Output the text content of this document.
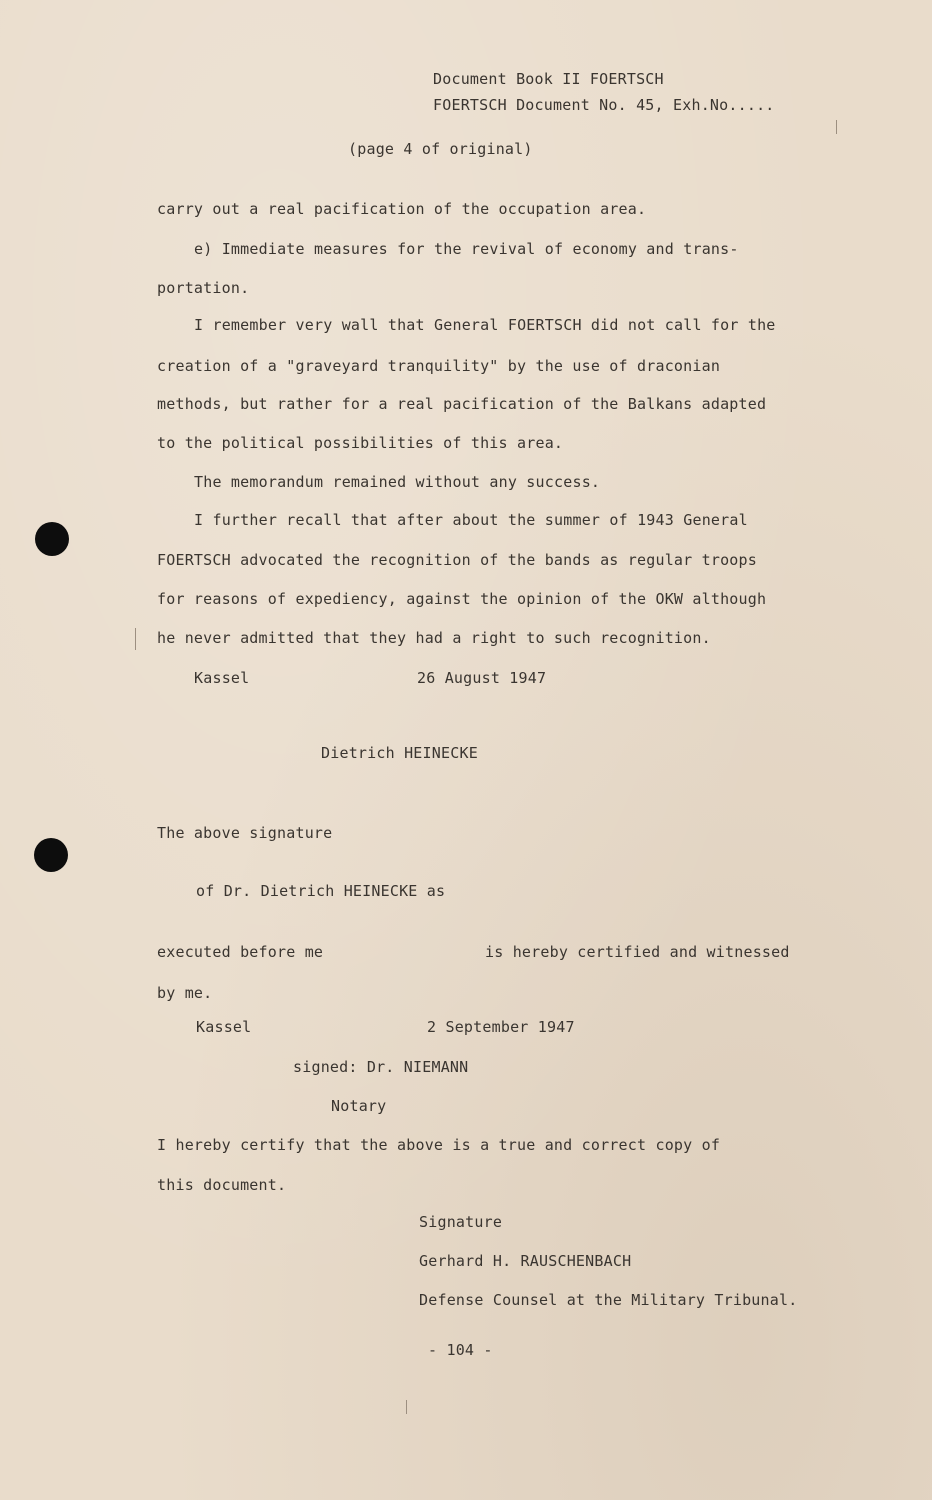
Document Book II FOERTSCH
FOERTSCH Document No. 45, Exh.No.....
(page 4 of original)
carry out a real pacification of the occupation area.
e) Immediate measures for the revival of economy and trans-
portation.
I remember very wall that General FOERTSCH did not call for the
creation of a "graveyard tranquility" by the use of draconian
methods, but rather for a real pacification of the Balkans adapted
to the political possibilities of this area.
The memorandum remained without any success.
I further recall that after about the summer of 1943 General
FOERTSCH advocated the recognition of the bands as regular troops
for reasons of expediency, against the opinion of the OKW although
he never admitted that they had a right to such recognition.
Kassel	26 August 1947
Dietrich HEINECKE
The above signature
of Dr. Dietrich HEINECKE as
executed before me	is hereby certified and witnessed
by me.
Kassel	2 September 1947
signed: Dr. NIEMANN
Notary
I hereby certify that the above is a true and correct copy of
this document.
Signature
Gerhard H. RAUSCHENBACH
Defense Counsel at the Military Tribunal.
- 104 -
